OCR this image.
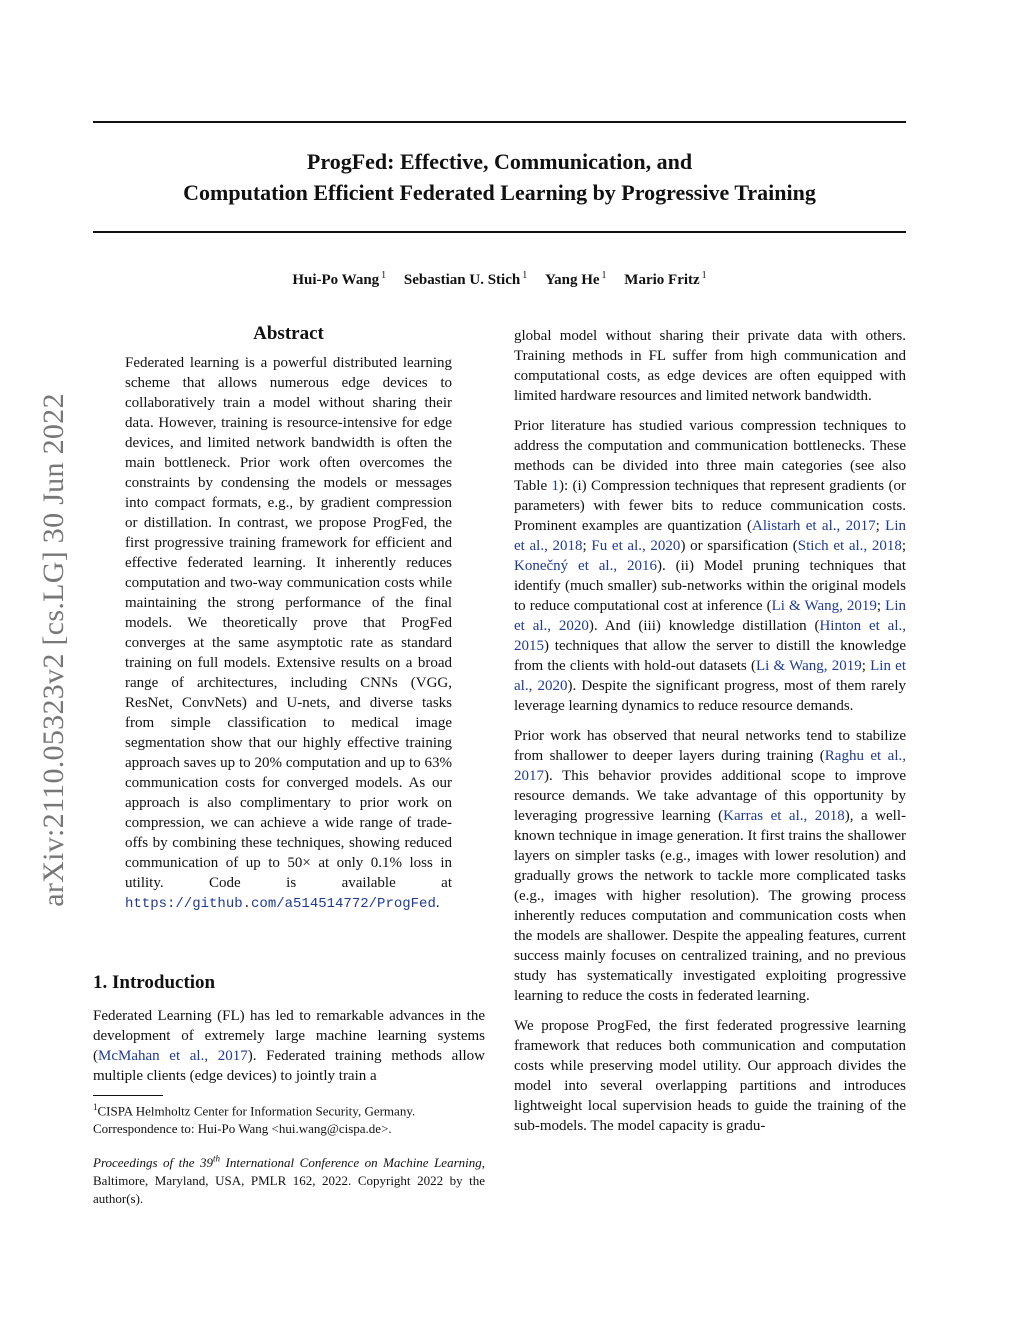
ProgFed: Effective, Communication, and
Computation Efficient Federated Learning by Progressive Training
Hui-Po Wang $^1$ Sebastian U. Stich $^1$ Yang He $^1$ Mario Fritz $^1$
arXiv:2110.05323v2 [cs.LG] 30 Jun 2022
Abstract

Federated learning is a powerful distributed learning scheme that allows numerous edge devices to collaboratively train a model without sharing their data. However, training is resource-intensive for edge devices, and limited network bandwidth is often the main bottleneck. Prior work often overcomes the constraints by condensing the models or messages into compact formats, e.g., by gradient compression or distillation. In contrast, we propose ProgFed, the first progressive training framework for efficient and effective federated learning. It inherently reduces computation and two-way communication costs while maintaining the strong performance of the final models. We theoretically prove that ProgFed converges at the same asymptotic rate as standard training on full models. Extensive results on a broad range of architectures, including CNNs (VGG, ResNet, ConvNets) and U-nets, and diverse tasks from simple classification to medical image segmentation show that our highly effective training approach saves up to 20% computation and up to 63% communication costs for converged models. As our approach is also complimentary to prior work on compression, we can achieve a wide range of trade-offs by combining these techniques, showing reduced communication of up to 50× at only 0.1% loss in utility. Code is available at https://github.com/a514514772/ProgFed.

1. Introduction

Federated Learning (FL) has led to remarkable advances in the development of extremely large machine learning systems (McMahan et al., 2017). Federated training methods allow multiple clients (edge devices) to jointly train a

$^1$CISPA Helmholtz Center for Information Security, Germany. Correspondence to: Hui-Po Wang <hui.wang@cispa.de>.

Proceedings of the 39th International Conference on Machine Learning, Baltimore, Maryland, USA, PMLR 162, 2022. Copyright 2022 by the author(s).

global model without sharing their private data with others. Training methods in FL suffer from high communication and computational costs, as edge devices are often equipped with limited hardware resources and limited network bandwidth.

Prior literature has studied various compression techniques to address the computation and communication bottlenecks. These methods can be divided into three main categories (see also Table 1): (i) Compression techniques that represent gradients (or parameters) with fewer bits to reduce communication costs. Prominent examples are quantization (Alistarh et al., 2017; Lin et al., 2018; Fu et al., 2020) or sparsification (Stich et al., 2018; Konečný et al., 2016). (ii) Model pruning techniques that identify (much smaller) sub-networks within the original models to reduce computational cost at inference (Li & Wang, 2019; Lin et al., 2020). And (iii) knowledge distillation (Hinton et al., 2015) techniques that allow the server to distill the knowledge from the clients with hold-out datasets (Li & Wang, 2019; Lin et al., 2020). Despite the significant progress, most of them rarely leverage learning dynamics to reduce resource demands.

Prior work has observed that neural networks tend to stabilize from shallower to deeper layers during training (Raghu et al., 2017). This behavior provides additional scope to improve resource demands. We take advantage of this opportunity by leveraging progressive learning (Karras et al., 2018), a well-known technique in image generation. It first trains the shallower layers on simpler tasks (e.g., images with lower resolution) and gradually grows the network to tackle more complicated tasks (e.g., images with higher resolution). The growing process inherently reduces computation and communication costs when the models are shallower. Despite the appealing features, current success mainly focuses on centralized training, and no previous study has systematically investigated exploiting progressive learning to reduce the costs in federated learning.

We propose ProgFed, the first federated progressive learning framework that reduces both communication and computation costs while preserving model utility. Our approach divides the model into several overlapping partitions and introduces lightweight local supervision heads to guide the training of the sub-models. The model capacity is gradu-
